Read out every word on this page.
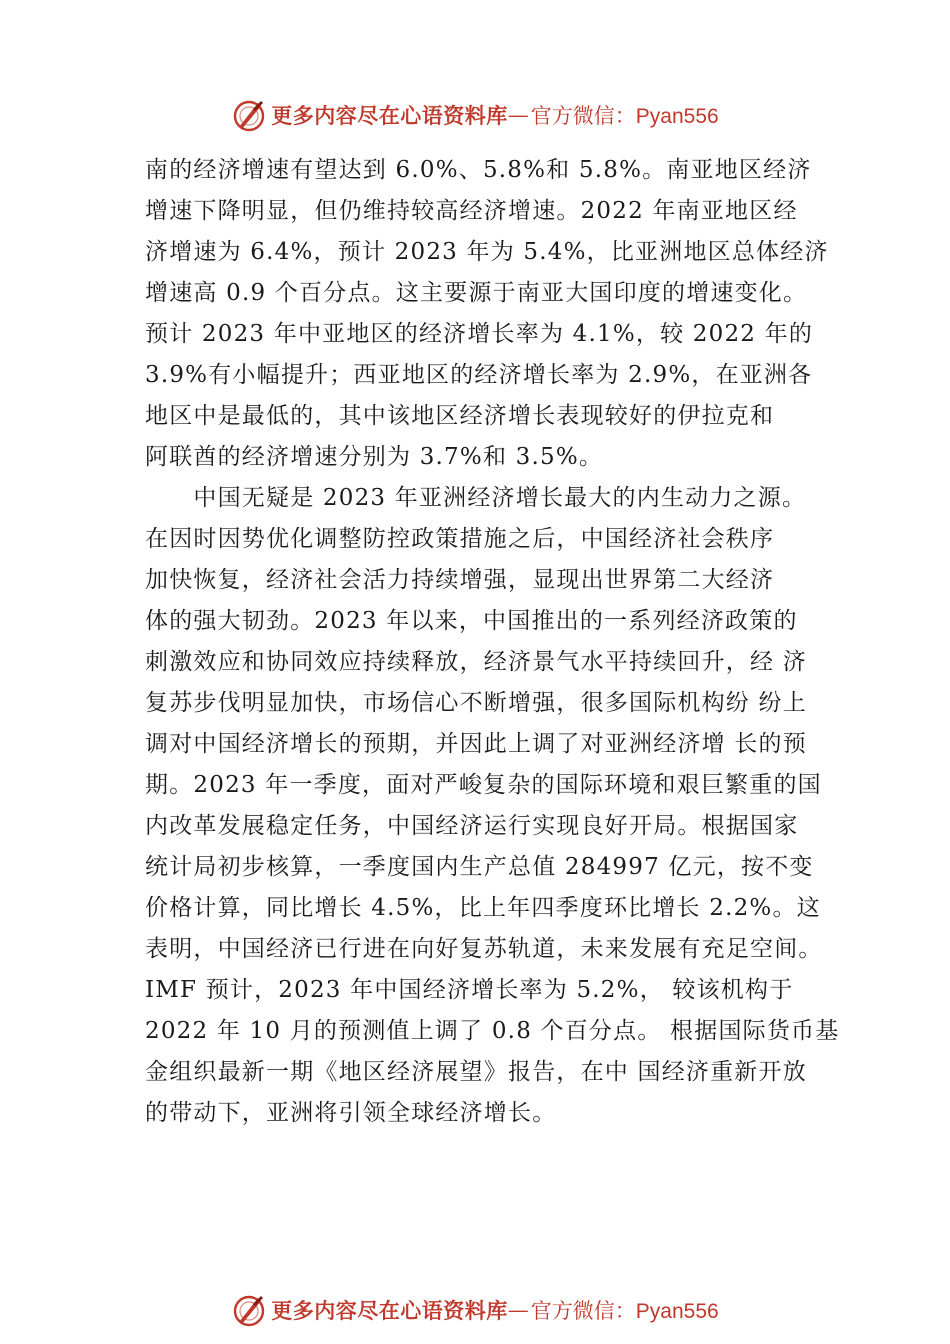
更多内容尽在心语资料库 — 官方微信：Pyan556
南的经济增速有望达到 6.0%、5.8%和 5.8%。南亚地区经济
增速下降明显，但仍维持较高经济增速。2022 年南亚地区经
济增速为 6.4%，预计 2023 年为 5.4%，比亚洲地区总体经济
增速高 0.9 个百分点。这主要源于南亚大国印度的增速变化。
预计 2023 年中亚地区的经济增长率为 4.1%，较 2022 年的
3.9%有小幅提升；西亚地区的经济增长率为 2.9%，在亚洲各
地区中是最低的，其中该地区经济增长表现较好的伊拉克和
阿联酋的经济增速分别为 3.7%和 3.5%。
　　中国无疑是 2023 年亚洲经济增长最大的内生动力之源。
在因时因势优化调整防控政策措施之后，中国经济社会秩序
加快恢复，经济社会活力持续增强，显现出世界第二大经济
体的强大韧劲。2023 年以来，中国推出的一系列经济政策的
刺激效应和协同效应持续释放，经济景气水平持续回升，经 济
复苏步伐明显加快，市场信心不断增强，很多国际机构纷 纷上
调对中国经济增长的预期，并因此上调了对亚洲经济增 长的预
期。2023 年一季度，面对严峻复杂的国际环境和艰巨繁重的国
内改革发展稳定任务，中国经济运行实现良好开局。根据国家
统计局初步核算，一季度国内生产总值 284997 亿元，按不变
价格计算，同比增长 4.5%，比上年四季度环比增长 2.2%。这
表明，中国经济已行进在向好复苏轨道，未来发展有充足空间。
IMF 预计，2023 年中国经济增长率为 5.2%， 较该机构于
2022 年 10 月的预测值上调了 0.8 个百分点。 根据国际货币基
金组织最新一期《地区经济展望》报告，在中 国经济重新开放
的带动下，亚洲将引领全球经济增长。
更多内容尽在心语资料库 — 官方微信：Pyan556
